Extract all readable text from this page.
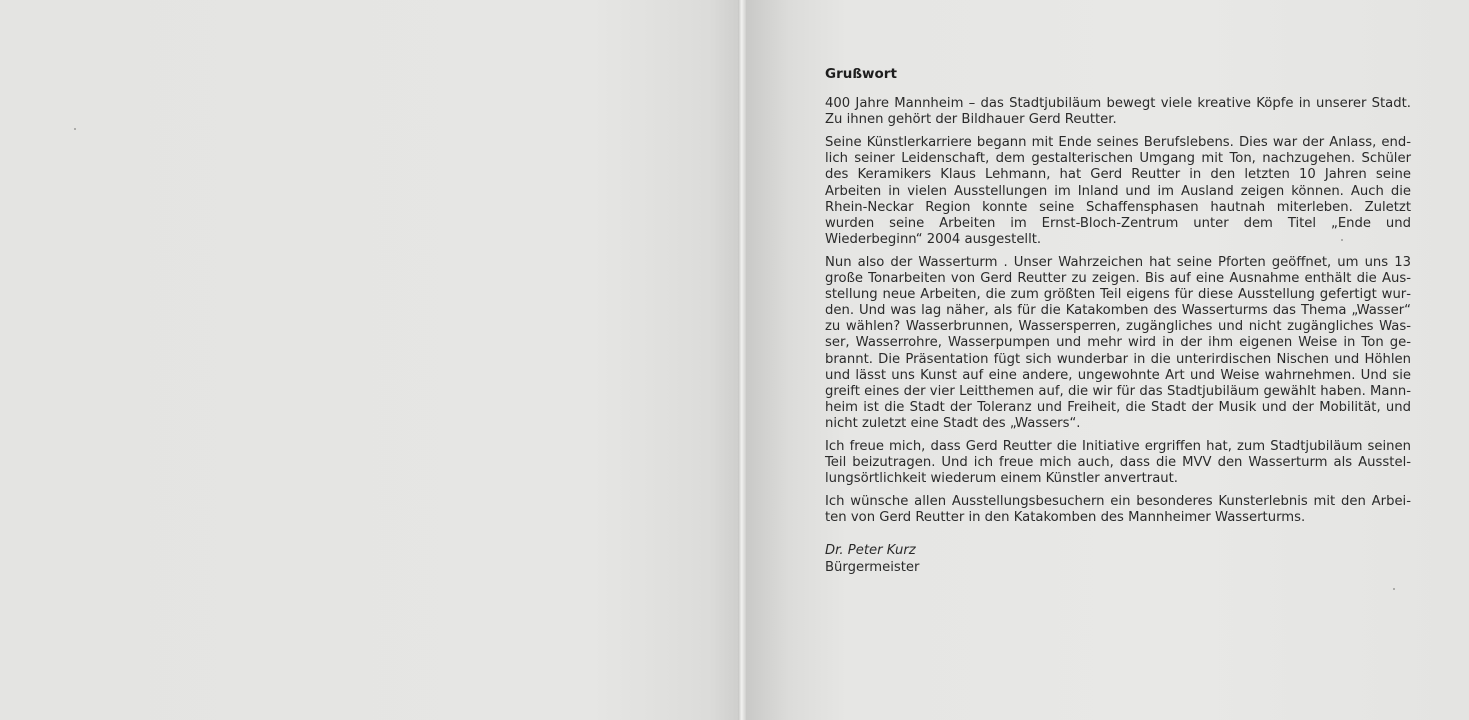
Grußwort

400 Jahre Mannheim – das Stadtjubiläum bewegt viele kreative Köpfe in unserer Stadt. Zu ihnen gehört der Bildhauer Gerd Reutter.

Seine Künstlerkarriere begann mit Ende seines Berufslebens. Dies war der Anlass, endlich seiner Leidenschaft, dem gestalterischen Umgang mit Ton, nachzugehen. Schüler des Keramikers Klaus Lehmann, hat Gerd Reutter in den letzten 10 Jahren seine Arbeiten in vielen Ausstellungen im Inland und im Ausland zeigen können. Auch die Rhein-Neckar Region konnte seine Schaffensphasen hautnah miterleben. Zuletzt wurden seine Arbeiten im Ernst-Bloch-Zentrum unter dem Titel „Ende und Wiederbeginn“ 2004 ausgestellt.

Nun also der Wasserturm . Unser Wahrzeichen hat seine Pforten geöffnet, um uns 13 große Tonarbeiten von Gerd Reutter zu zeigen. Bis auf eine Ausnahme enthält die Ausstellung neue Arbeiten, die zum größten Teil eigens für diese Ausstellung gefertigt wurden. Und was lag näher, als für die Katakomben des Wasserturms das Thema „Wasser“ zu wählen? Wasserbrunnen, Wassersperren, zugängliches und nicht zugängliches Wasser, Wasserrohre, Wasserpumpen und mehr wird in der ihm eigenen Weise in Ton gebrannt. Die Präsentation fügt sich wunderbar in die unterirdischen Nischen und Höhlen und lässt uns Kunst auf eine andere, ungewohnte Art und Weise wahrnehmen. Und sie greift eines der vier Leitthemen auf, die wir für das Stadtjubiläum gewählt haben. Mannheim ist die Stadt der Toleranz und Freiheit, die Stadt der Musik und der Mobilität, und nicht zuletzt eine Stadt des „Wassers“.

Ich freue mich, dass Gerd Reutter die Initiative ergriffen hat, zum Stadtjubiläum seinen Teil beizutragen. Und ich freue mich auch, dass die MVV den Wasserturm als Ausstellungsörtlichkeit wiederum einem Künstler anvertraut.

Ich wünsche allen Ausstellungsbesuchern ein besonderes Kunsterlebnis mit den Arbeiten von Gerd Reutter in den Katakomben des Mannheimer Wasserturms.

Dr. Peter Kurz
Bürgermeister
